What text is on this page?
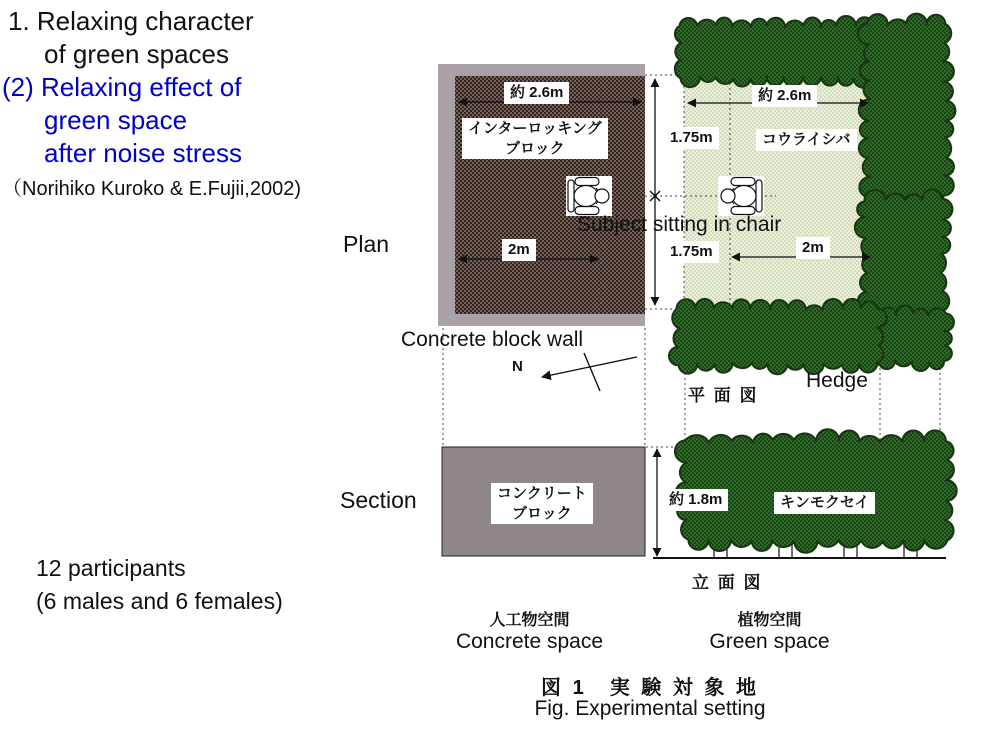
1. Relaxing character
of green spaces
(2) Relaxing effect of
green space
after noise stress
（Norihiko Kuroko & E.Fujii,2002)
Plan
Section
12 participants
(6 males and 6 females)
約 2.6m
インターロッキング
ブロック
2m
約 2.6m
1.75m	コウライシバ
1.75m	2m
Subject sitting in chair
Concrete block wall
N
平 面 図
Hedge
コンクリート
ブロック
約 1.8m	キンモクセイ
立 面 図
人工物空間
Concrete space
植物空間
Green space
図 1　実 験 対 象 地
Fig. Experimental setting
